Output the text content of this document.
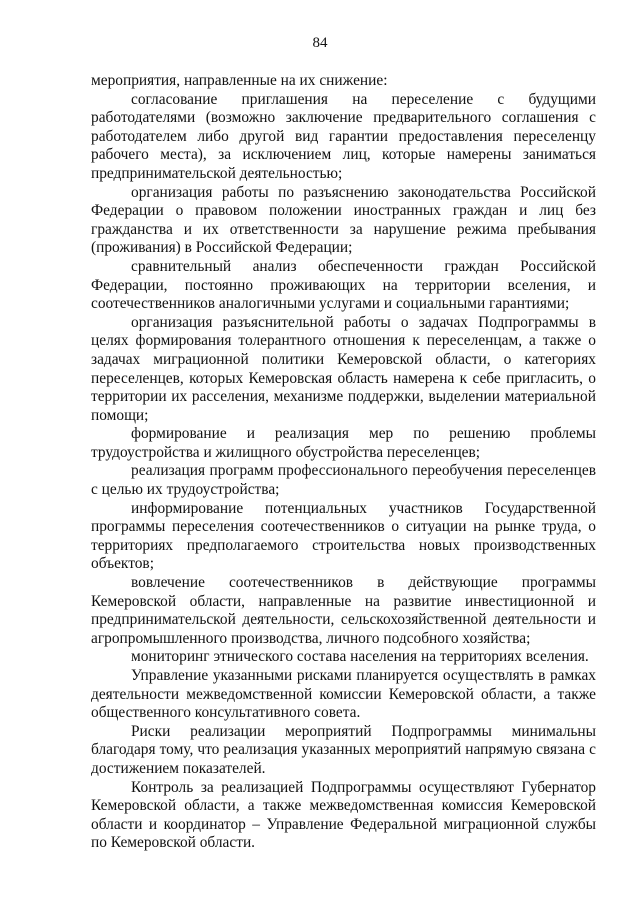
84

мероприятия, направленные на их снижение:

согласование приглашения на переселение с будущими работодателями (возможно заключение предварительного соглашения с работодателем либо другой вид гарантии предоставления переселенцу рабочего места), за исключением лиц, которые намерены заниматься предпринимательской деятельностью;

организация работы по разъяснению законодательства Российской Федерации о правовом положении иностранных граждан и лиц без гражданства и их ответственности за нарушение режима пребывания (проживания) в Российской Федерации;

сравнительный анализ обеспеченности граждан Российской Федерации, постоянно проживающих на территории вселения, и соотечественников аналогичными услугами и социальными гарантиями;

организация разъяснительной работы о задачах Подпрограммы в целях формирования толерантного отношения к переселенцам, а также о задачах миграционной политики Кемеровской области, о категориях переселенцев, которых Кемеровская область намерена к себе пригласить, о территории их расселения, механизме поддержки, выделении материальной помощи;

формирование и реализация мер по решению проблемы трудоустройства и жилищного обустройства переселенцев;

реализация программ профессионального переобучения переселенцев с целью их трудоустройства;

информирование потенциальных участников Государственной программы переселения соотечественников о ситуации на рынке труда, о территориях предполагаемого строительства новых производственных объектов;

вовлечение соотечественников в действующие программы Кемеровской области, направленные на развитие инвестиционной и предпринимательской деятельности, сельскохозяйственной деятельности и агропромышленного производства, личного подсобного хозяйства;

мониторинг этнического состава населения на территориях вселения.

Управление указанными рисками планируется осуществлять в рамках деятельности межведомственной комиссии Кемеровской области, а также общественного консультативного совета.

Риски реализации мероприятий Подпрограммы минимальны благодаря тому, что реализация указанных мероприятий напрямую связана с достижением показателей.

Контроль за реализацией Подпрограммы осуществляют Губернатор Кемеровской области, а также межведомственная комиссия Кемеровской области и координатор – Управление Федеральной миграционной службы по Кемеровской области.
